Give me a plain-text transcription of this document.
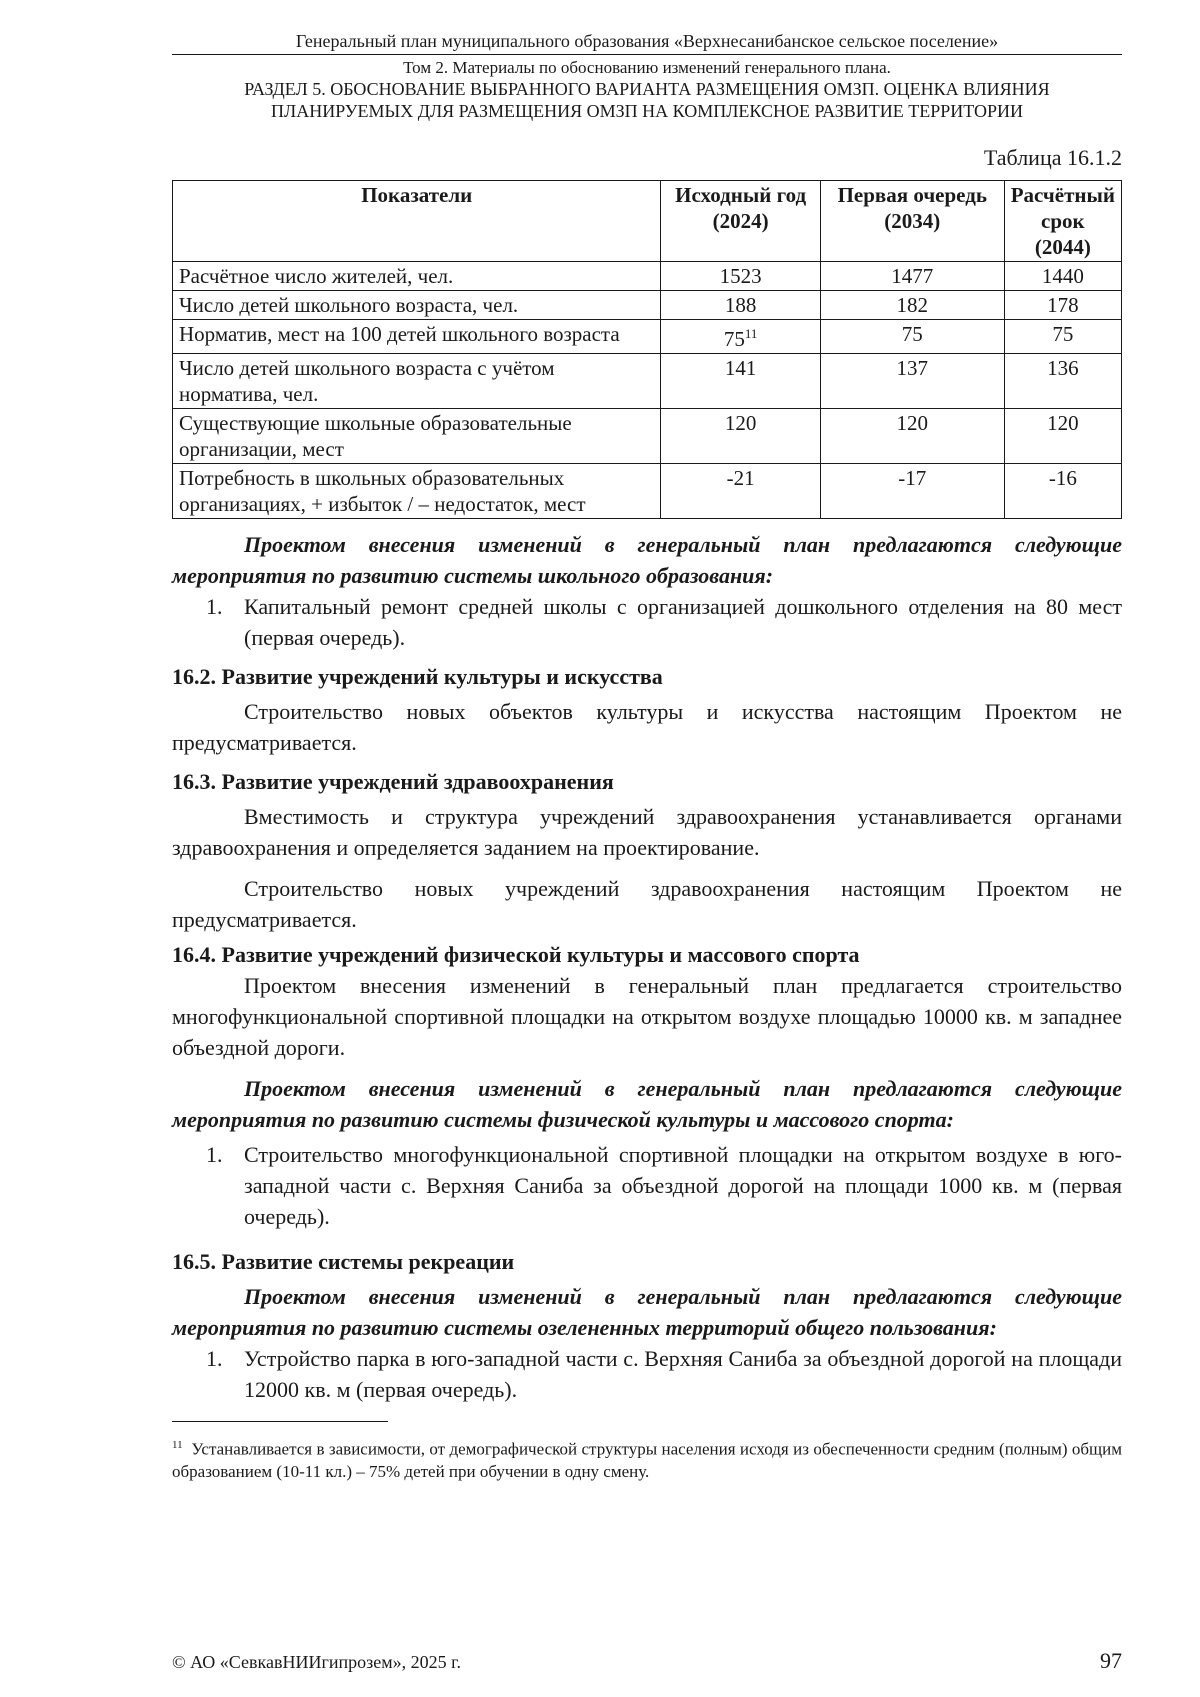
Генеральный план муниципального образования «Верхнесанибанское сельское поселение»
Том 2. Материалы по обоснованию изменений генерального плана.
РАЗДЕЛ 5. ОБОСНОВАНИЕ ВЫБРАННОГО ВАРИАНТА РАЗМЕЩЕНИЯ ОМЗП. ОЦЕНКА ВЛИЯНИЯ
ПЛАНИРУЕМЫХ ДЛЯ РАЗМЕЩЕНИЯ ОМЗП НА КОМПЛЕКСНОЕ РАЗВИТИЕ ТЕРРИТОРИИ
Таблица 16.1.2
Показатели	Исходный год (2024)	Первая очередь (2034)	Расчётный срок (2044)
Расчётное число жителей, чел.	1523	1477	1440
Число детей школьного возраста, чел.	188	182	178
Норматив, мест на 100 детей школьного возраста	75$^{11}$	75	75
Число детей школьного возраста с учётом норматива, чел.	141	137	136
Существующие школьные образовательные организации, мест	120	120	120
Потребность в школьных образовательных организациях, + избыток / – недостаток, мест	-21	-17	-16

Проектом внесения изменений в генеральный план предлагаются следующие мероприятия по развитию системы школьного образования:

1. Капитальный ремонт средней школы с организацией дошкольного отделения на 80 мест (первая очередь).

16.2. Развитие учреждений культуры и искусства

Строительство новых объектов культуры и искусства настоящим Проектом не предусматривается.

16.3. Развитие учреждений здравоохранения

Вместимость и структура учреждений здравоохранения устанавливается органами здравоохранения и определяется заданием на проектирование.

Строительство новых учреждений здравоохранения настоящим Проектом не предусматривается.

16.4. Развитие учреждений физической культуры и массового спорта

Проектом внесения изменений в генеральный план предлагается строительство многофункциональной спортивной площадки на открытом воздухе площадью 10000 кв. м западнее объездной дороги.

Проектом внесения изменений в генеральный план предлагаются следующие мероприятия по развитию системы физической культуры и массового спорта:

1. Строительство многофункциональной спортивной площадки на открытом воздухе в юго-западной части с. Верхняя Саниба за объездной дорогой на площади 1000 кв. м (первая очередь).

16.5. Развитие системы рекреации

Проектом внесения изменений в генеральный план предлагаются следующие мероприятия по развитию системы озелененных территорий общего пользования:

1. Устройство парка в юго-западной части с. Верхняя Саниба за объездной дорогой на площади 12000 кв. м (первая очередь).

$^{11}$ Устанавливается в зависимости, от демографической структуры населения исходя из обеспеченности средним (полным) общим образованием (10-11 кл.) – 75% детей при обучении в одну смену.
© АО «СевкавНИИгипрозем», 2025 г.	97
